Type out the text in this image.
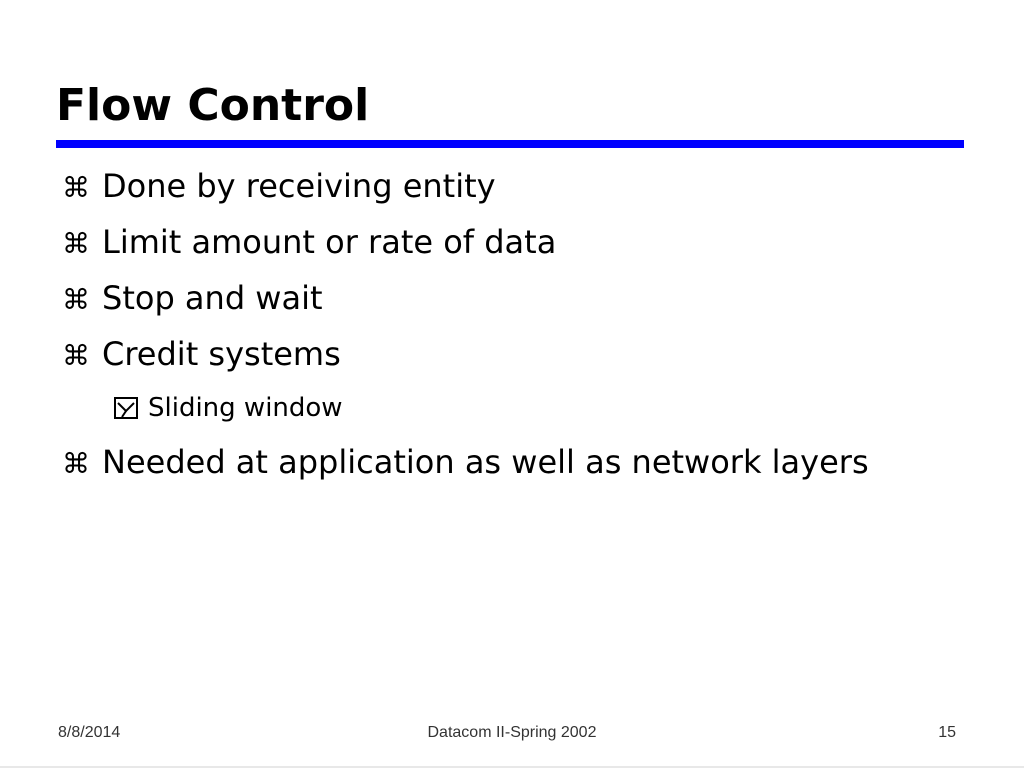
Flow Control
⌘ Done by receiving entity
⌘ Limit amount or rate of data
⌘ Stop and wait
⌘ Credit systems
Sliding window
⌘ Needed at application as well as network layers
8/8/2014	Datacom II-Spring 2002	15
